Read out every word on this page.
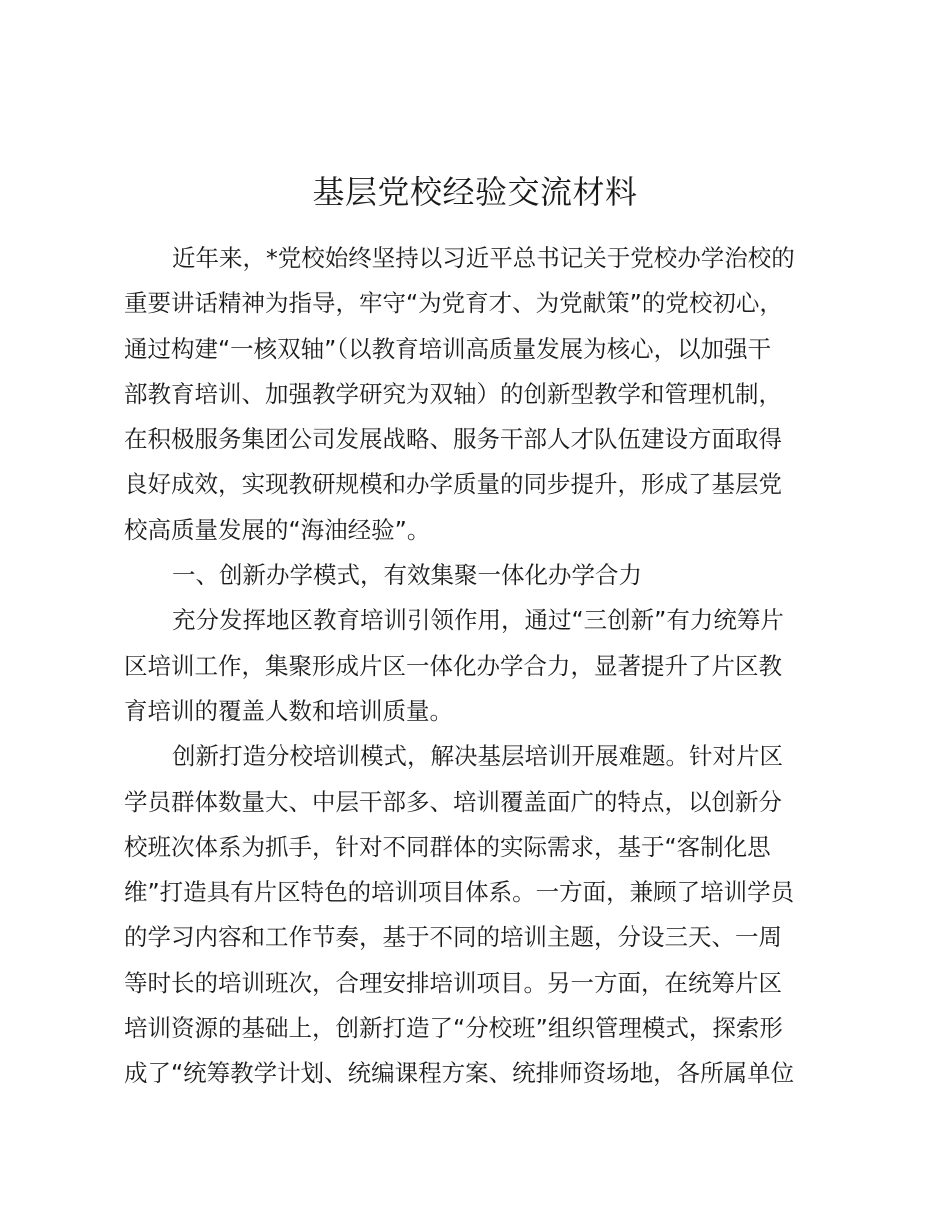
基层党校经验交流材料
近年来，*党校始终坚持以习近平总书记关于党校办学治校的
重要讲话精神为指导，牢守“为党育才、为党献策”的党校初心，
通过构建“一核双轴”（以教育培训高质量发展为核心，以加强干
部教育培训、加强教学研究为双轴）的创新型教学和管理机制，
在积极服务集团公司发展战略、服务干部人才队伍建设方面取得
良好成效，实现教研规模和办学质量的同步提升，形成了基层党
校高质量发展的“海油经验”。
一、创新办学模式，有效集聚一体化办学合力
充分发挥地区教育培训引领作用，通过“三创新”有力统筹片
区培训工作，集聚形成片区一体化办学合力，显著提升了片区教
育培训的覆盖人数和培训质量。
创新打造分校培训模式，解决基层培训开展难题。针对片区
学员群体数量大、中层干部多、培训覆盖面广的特点，以创新分
校班次体系为抓手，针对不同群体的实际需求，基于“客制化思
维”打造具有片区特色的培训项目体系。一方面，兼顾了培训学员
的学习内容和工作节奏，基于不同的培训主题，分设三天、一周
等时长的培训班次，合理安排培训项目。另一方面，在统筹片区
培训资源的基础上，创新打造了“分校班”组织管理模式，探索形
成了“统筹教学计划、统编课程方案、统排师资场地，各所属单位
